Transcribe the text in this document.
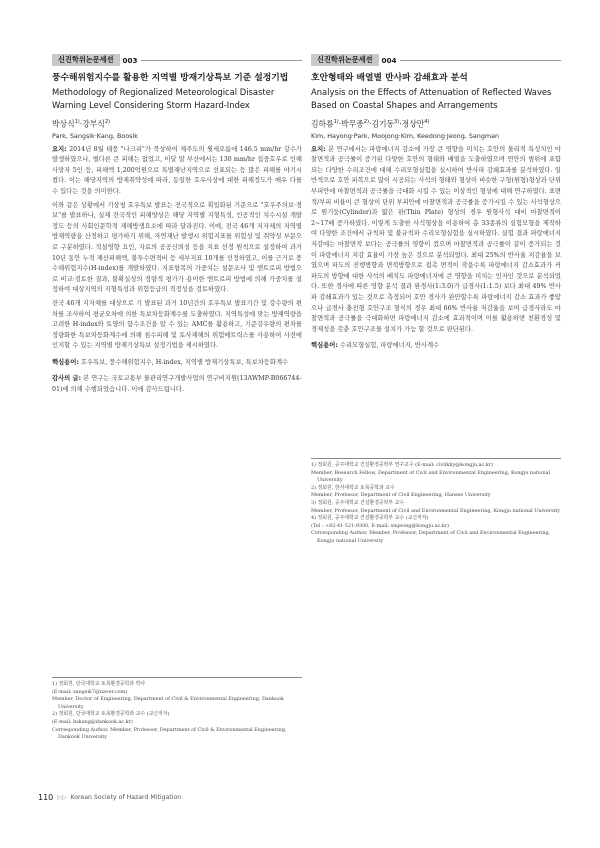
신진학위논문세션	003
풍수해위험지수를 활용한 지역별 방재기상특보 기준 설정기법
Methodology of Regionalized Meteorological Disaster Warning Level Considering Storm Hazard-Index
박상식$^{1)}$·강부식$^{2)}$
Park, Sangsik·Kang, Boosik

요지: 2014년 8월 태풍 "나크리"가 북상하여 제주도의 윗세오름에 146.5 mm/hr 강수가 발생하였으나, 별다른 큰 피해는 없었고, 이달 말 부산에서는 130 mm/hr 집중호우로 인해 사망자 5인 등, 피해액 1,200억원으로 특별재난지역으로 선포되는 등 많은 피해를 야기시켰다. 이는 해당지역의 방재취약성에 따라, 동일한 호우사상에 대한 피해정도가 매우 다를 수 있다는 것을 의미한다.

이와 같은 상황에서 기상청 호우특보 발표는 전국적으로 획일화된 기준으로 "호우주의보·경보"를 발표하나, 실제 전국적인 피해양상은 해당 지역별 지형특성, 인공적인 치수시설 개발정도 등의 사회인문학적 재해방생요소에 따라 달라진다. 이에, 전국 46개 지자체의 지역별 방재역량을 산정하고 평가하기 위해, 자연재난 발생시 위험지표를 위험성 및 취약성 부문으로 구분하였다. 적설영향 요인, 자료의 공공신뢰성 등을 지표 선정 원칙으로 설정하여 과거 10년 동안 누적 재산피해액, 불투수면적비 등 세부지표 10개를 선정하였고, 이를 근거로 풍수해위험지수(H-index)를 개발하였다. 지표항목의 가중치는 설문조사 및 엔트로피 방법으로 비교·검토한 결과, 불확실성의 정량적 평가가 용이한 엔트로피 방법에 의해 가중치를 설정하여 대상지역의 지형특성과 위험등급의 적정성을 검토하였다.

전국 46개 지자체를 대상으로 기 발표된 과거 10년간의 호우특보 발표기간 및 강수량의 편차를 조사하여 평균오차에 의한 특보차등화계수를 도출하였다. 지역특성에 맞는 방재역량을 고려한 H-index와 토양의 함수조건을 알 수 있는 AMC를 활용하고, 기준강우량의 편차를 정량화한 특보차등화계수에 의해 침수피해 및 토사재해의 위험메트릭스를 사용하여 사전에 인지할 수 있는 지역별 방재기상특보 설정기법을 제시하였다.

핵심용어: 호우특보, 풍수해위험지수, H-index, 지역별 방재기상특보, 특보차등화계수

감사의 글: 본 연구는 국토교통부 물관리연구개발사업의 연구비지원(13AWMP-B066744-01)에 의해 수행되었습니다. 이에 감사드립니다.

1) 정회원, 단국대학교 토목환경공학과 박사
(E-mail: sangsik7@naver.com)
Member, Doctor of Engineering, Department of Civil & Environmental Engineering, Dankook University
2) 정회원, 단국대학교 토목환경공학과 교수 (교신저자)
(E-mail: bskang@dankook.ac.kr)
Corresponding Author, Member, Professor, Department of Civil & Environmental Engineering, Dankook University
신진학위논문세션	004
호안형태와 배열별 반사파 감쇄효과 분석
Analysis on the Effects of Attenuation of Reflected Waves Based on Coastal Shapes and Arrangements
김하룡$^{1)}$·박무종$^{2)}$·김기동$^{3)}$·정상만$^{4)}$
Kim, Hayong·Park, Moojong·Kim, Keedong·Jeong, Sangman

요지: 본 연구에서는 파랑에너지 감소에 가장 큰 영향을 미치는 호안의 물리적 특성치인 마찰면적과 공극률이 증가된 다양한 호안의 형태와 배열을 도출하였으며 연안의 범위에 포함되는 다양한 수리조건에 대해 수리모형실험을 실시하여 반사파 감쇄효과를 분석하였다. 일반적으로 호안 피복으로 많이 시공되는 사석의 형태와 형상이 비슷한 구형(원형)형상과 단위 부피안에 마찰면적과 공극률을 극대화 시킬 수 있는 이상적인 형상에 대해 연구하였다. 표면적/부피 비율이 큰 형상이 단위 부피안에 마찰면적과 공극률을 증가시킬 수 있는 사석형상으로 원기둥(Cylinder)과 얇은 판(Thin Plate) 형상의 경우 원형사석 대비 마찰면적이 2~17배 증가하였다. 이렇게 도출한 사석형상을 이용하여 총 33종류의 실험모형을 제작하여 다양한 조건에서 규칙파 및 불규칙파 수리모형실험을 실시하였다. 실험 결과 파랑에너지 저감에는 마찰면적 보다는 공극률의 영향이 컸으며 마찰면적과 공극률이 같이 증가되는 것이 파랑에너지 저감 효율이 가장 높은 것으로 분석되었다. 최대 25%의 반사율 저감율을 보였으며 파도의 진행방향과 면적방향으로 접촉 면적이 작을수록 파랑에너지 감소효과가 커 파도의 방향에 대한 사석의 배치도 파랑에너지에 큰 영향을 미치는 인자인 것으로 분석되었다. 또한 경사에 따른 영향 분석 결과 완경사(1:3.0)가 급경사(1:1.5) 보다 최대 49% 반사파 감쇄효과가 있는 것으로 측정되어 호안 경사가 완만할수록 파랑에너지 감소 효과가 좋았으나 급경사 충전형 호안구조 형식의 경우 최대 66% 반사율 저감율을 보여 급경사라도 마찰면적과 공극률을 극대화하면 파랑에너지 감소에 효과적이며 이를 활용하면 친환경성 및 경제성을 갖춘 호안구조물 설치가 가능 할 것으로 판단된다.

핵심용어: 수리모형실험, 파랑에너지, 반사계수

1) 정회원, 공주대학교 건설환경공학부 연구교수 (E-mail: civilkhy@kongju.ac.kr)
Member, Research Fellow, Department of Civil and Environmental Engineering, Kongju national University
2) 정회원, 한서대학교 토목공학과 교수
Member, Professor, Department of Civil Engineering, Hanseo University
3) 정회원, 공주대학교 건설환경공학부 교수
Member, Professor, Department of Civil and Environmental Engineering, Kongju national University
4) 정회원, 공주대학교 건설환경공학부 교수 (교신저자)
(Tel : +82-41-521-9300, E-mail: smjeong@kongju.ac.kr)
Corresponding Author, Member, Professor, Department of Civil and Environmental Engineering, Kongju national University
110 ▷▷ Korean Society of Hazard Mitigation
